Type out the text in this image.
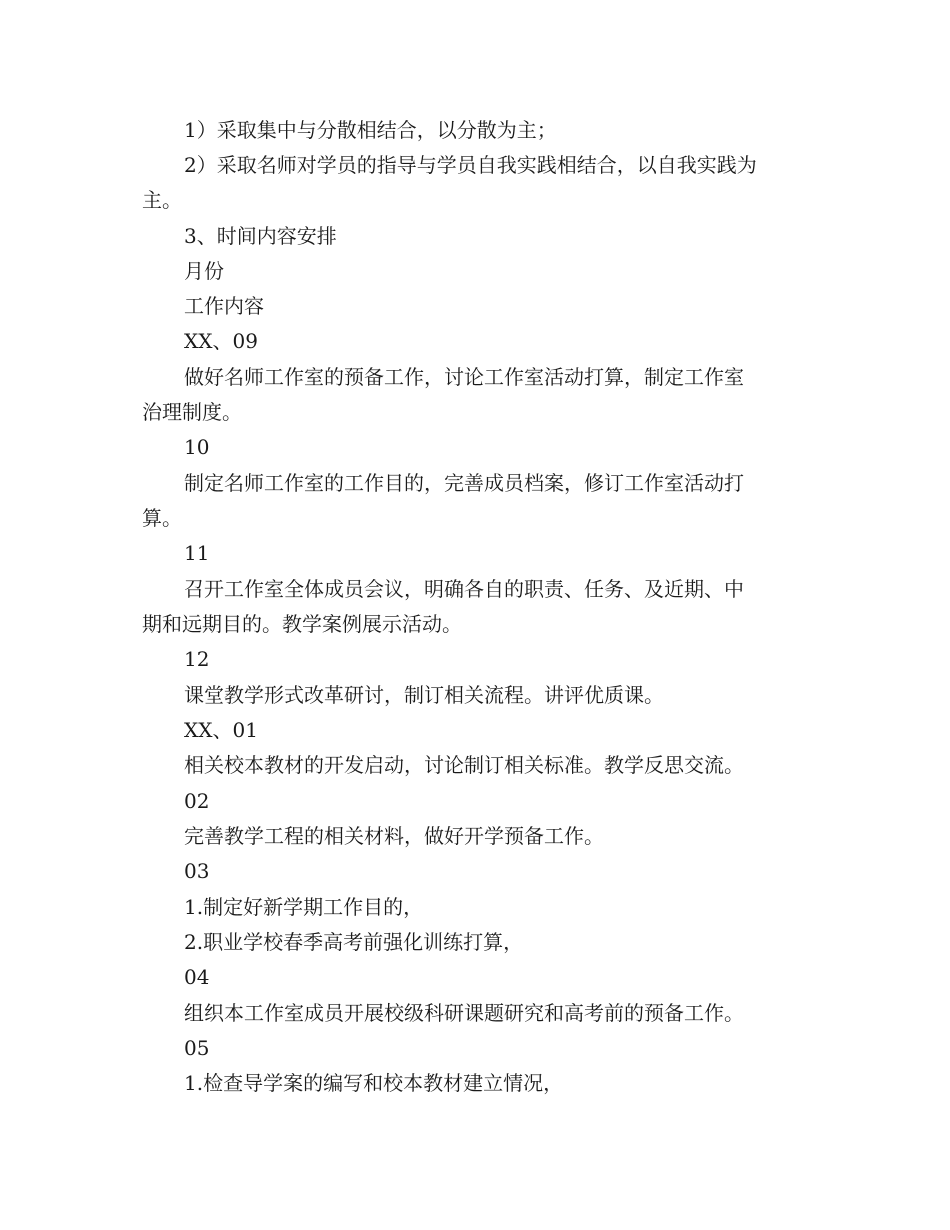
1）采取集中与分散相结合，以分散为主；
2）采取名师对学员的指导与学员自我实践相结合，以自我实践为
主。
3、时间内容安排
月份
工作内容
XX、09
做好名师工作室的预备工作，讨论工作室活动打算，制定工作室
治理制度。
10
制定名师工作室的工作目的，完善成员档案，修订工作室活动打
算。
11
召开工作室全体成员会议，明确各自的职责、任务、及近期、中
期和远期目的。教学案例展示活动。
12
课堂教学形式改革研讨，制订相关流程。讲评优质课。
XX、01
相关校本教材的开发启动，讨论制订相关标准。教学反思交流。
02
完善教学工程的相关材料，做好开学预备工作。
03
1.制定好新学期工作目的，
2.职业学校春季高考前强化训练打算，
04
组织本工作室成员开展校级科研课题研究和高考前的预备工作。
05
1.检查导学案的编写和校本教材建立情况，
